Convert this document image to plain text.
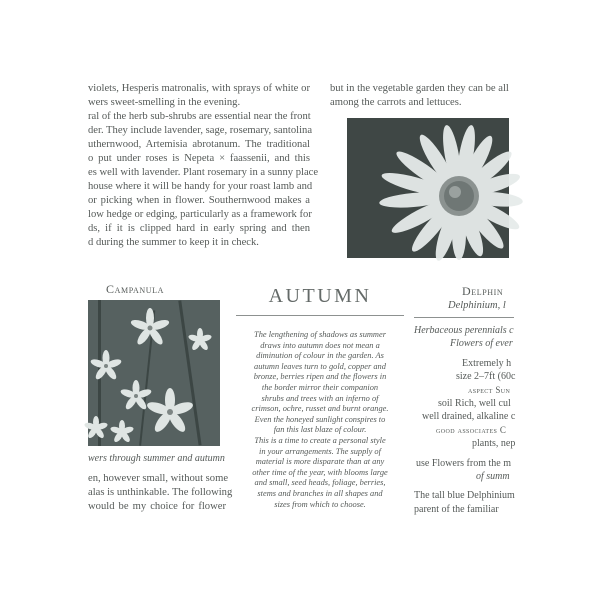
violets, Hesperis matronalis, with sprays of white or
wers sweet-smelling in the evening.
ral of the herb sub-shrubs are essential near the front
der. They include lavender, sage, rosemary, santolina
uthernwood, Artemisia abrotanum. The traditional
o put under roses is Nepeta × faassenii, and this
es well with lavender. Plant rosemary in a sunny place
house where it will be handy for your roast lamb and
or picking when in flower. Southernwood makes a
low hedge or edging, particularly as a framework for
ds, if it is clipped hard in early spring and then
d during the summer to keep it in check.
but in the vegetable garden they can be all
among the carrots and lettuces.
Campanula
wers through summer and autumn
en, however small, without some
alas is unthinkable. The following
would be my choice for flower
AUTUMN
The lengthening of shadows as summer
draws into autumn does not mean a
diminution of colour in the garden. As
autumn leaves turn to gold, copper and
bronze, berries ripen and the flowers in
the border mirror their companion
shrubs and trees with an inferno of
crimson, ochre, russet and burnt orange.
Even the honeyed sunlight conspires to
fan this last blaze of colour.
This is a time to create a personal style
in your arrangements. The supply of
material is more disparate than at any
other time of the year, with blooms large
and small, seed heads, foliage, berries,
stems and branches in all shapes and
sizes from which to choose.
Delphin
Delphinium, l
Herbaceous perennials c
Flowers of ever
Extremely h
size 2–7ft (60c
aspect Sun
soil Rich, well cul
well drained, alkaline c
good associates C
plants, nep
use Flowers from the m
of summ
The tall blue Delphinium
parent of the familiar
